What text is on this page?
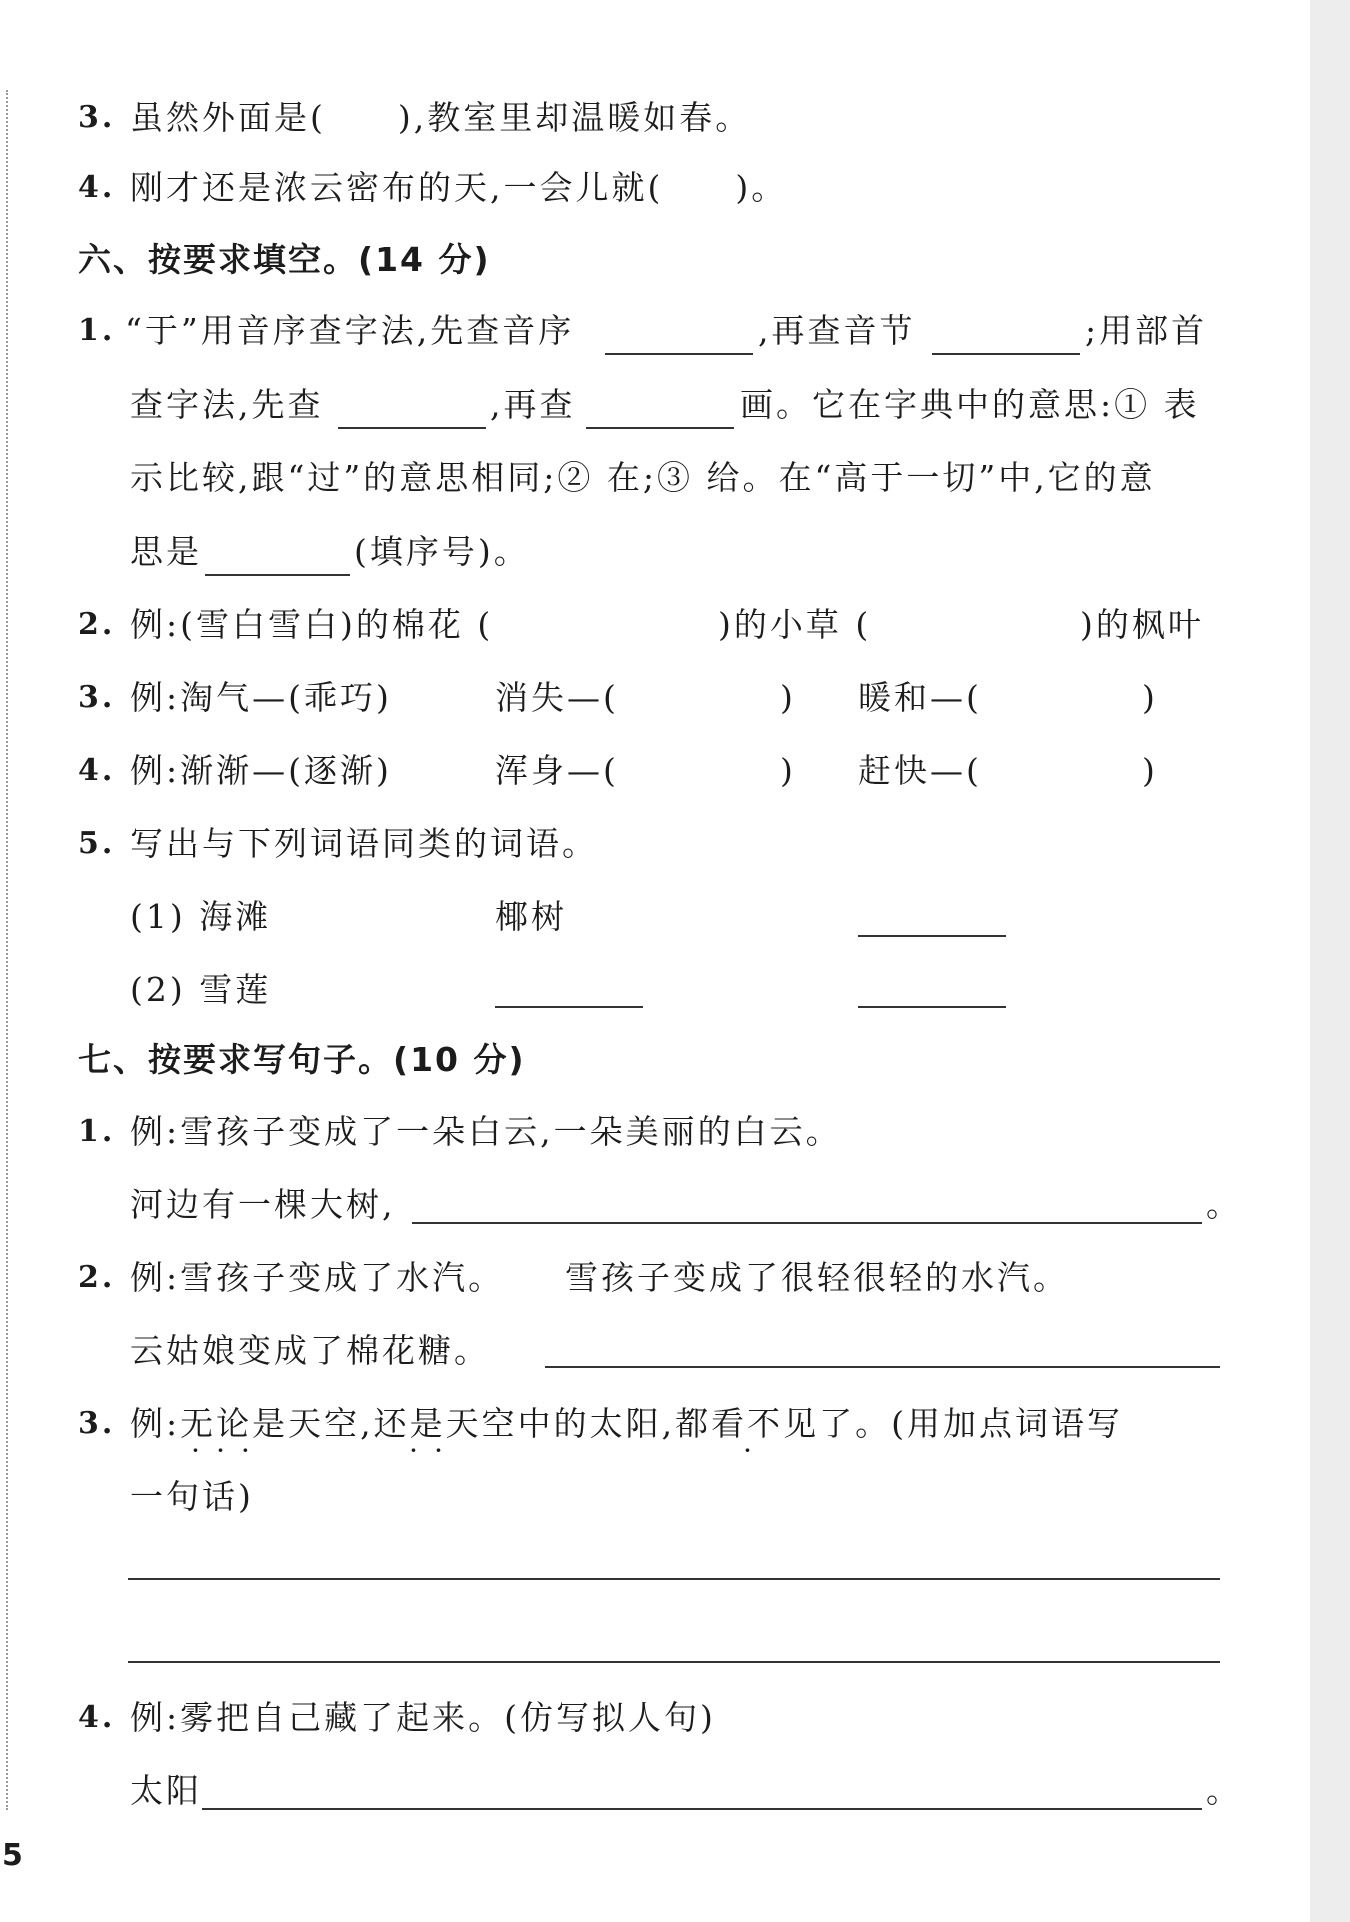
3. 虽然外面是(　　),教室里却温暖如春。
4. 刚才还是浓云密布的天,一会儿就(　　)。
六、按要求填空。(14 分)
1. “于”用音序查字法,先查音序	,再查音节	;用部首
查字法,先查	,再查	画。它在字典中的意思:① 表
示比较,跟“过”的意思相同;② 在;③ 给。在“高于一切”中,它的意
思是	(填序号)。
2. 例:(雪白雪白)的棉花 (	)的小草 (	)的枫叶
3. 例:淘气—(乖巧)	消失—(	) 暖和—(	)
4. 例:渐渐—(逐渐)	浑身—(	) 赶快—(	)
5. 写出与下列词语同类的词语。
(1) 海滩	椰树
(2) 雪莲
七、按要求写句子。(10 分)
1. 例:雪孩子变成了一朵白云,一朵美丽的白云。
河边有一棵大树,	。
2. 例:雪孩子变成了水汽。 雪孩子变成了很轻很轻的水汽。
云姑娘变成了棉花糖。
3. 例:无论是天空,还是天空中的太阳,都看不见了。(用加点词语写
···	··	·
一句话)
4. 例:雾把自己藏了起来。(仿写拟人句)
太阳	。
5
